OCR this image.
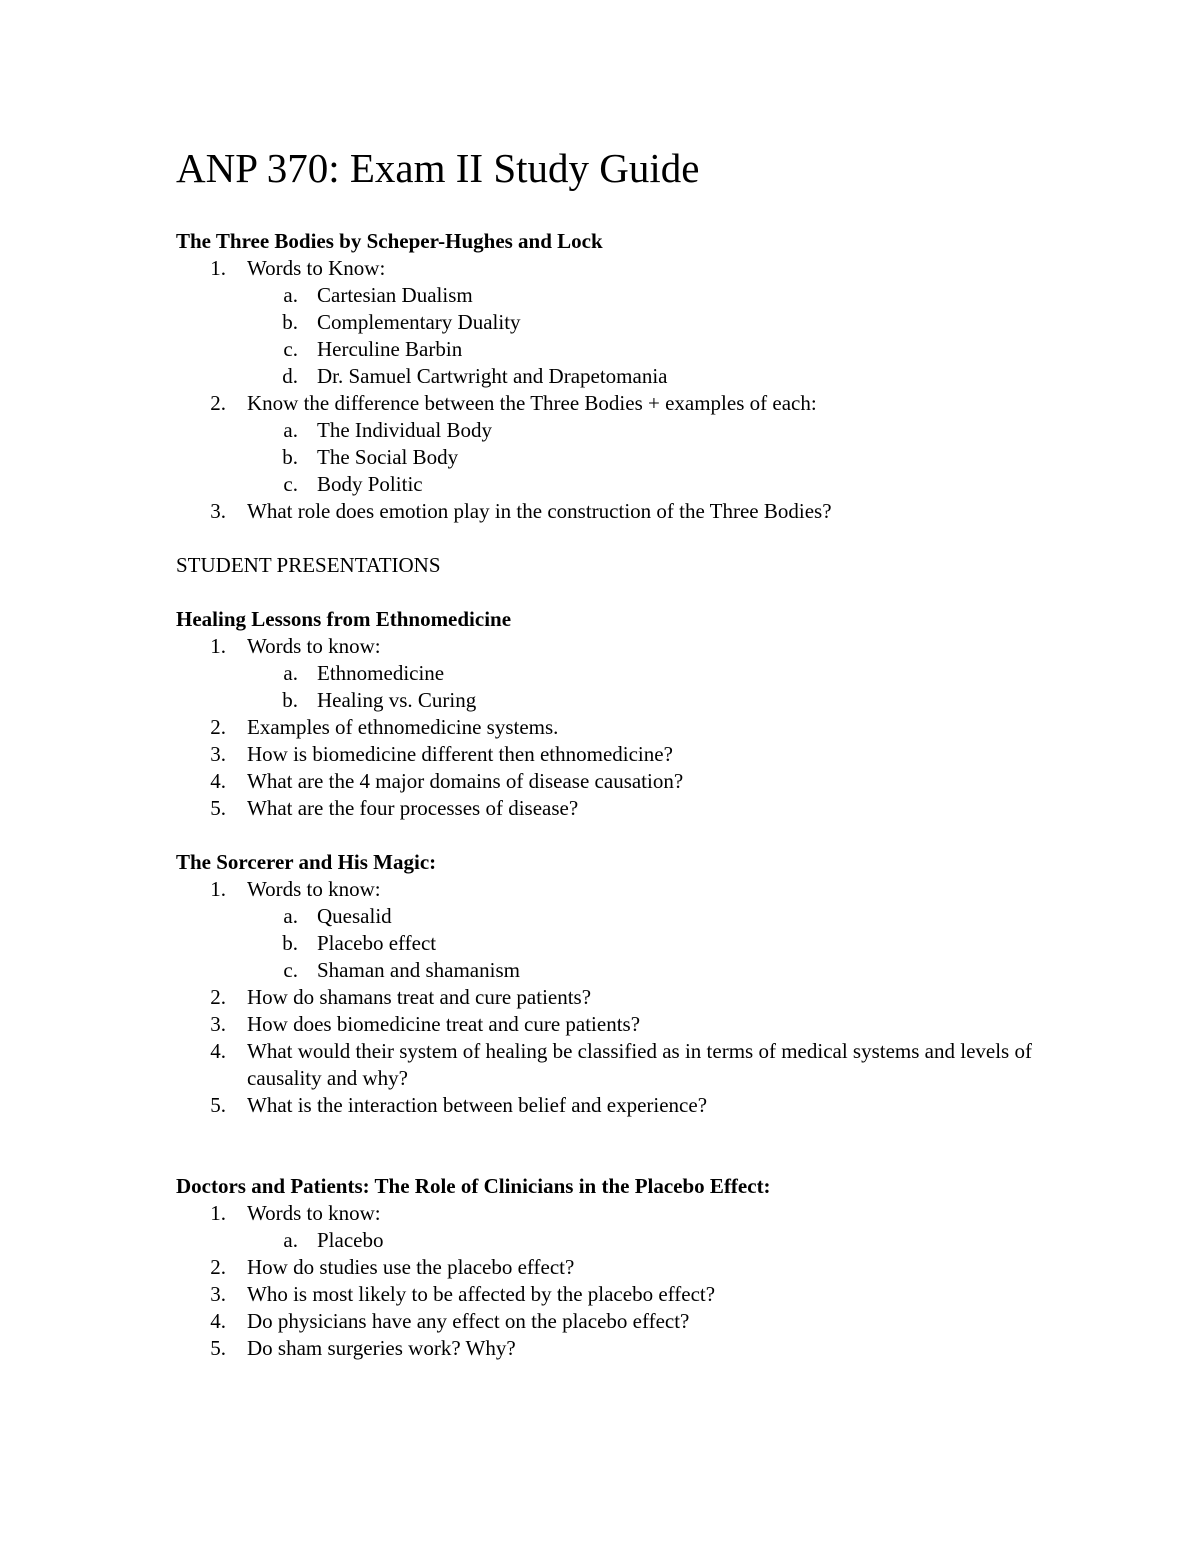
ANP 370: Exam II Study Guide
The Three Bodies by Scheper-Hughes and Lock
1. Words to Know:
a. Cartesian Dualism
b. Complementary Duality
c. Herculine Barbin
d. Dr. Samuel Cartwright and Drapetomania
2. Know the difference between the Three Bodies + examples of each:
a. The Individual Body
b. The Social Body
c. Body Politic
3. What role does emotion play in the construction of the Three Bodies?
STUDENT PRESENTATIONS
Healing Lessons from Ethnomedicine
1. Words to know:
a. Ethnomedicine
b. Healing vs. Curing
2. Examples of ethnomedicine systems.
3. How is biomedicine different then ethnomedicine?
4. What are the 4 major domains of disease causation?
5. What are the four processes of disease?
The Sorcerer and His Magic:
1. Words to know:
a. Quesalid
b. Placebo effect
c. Shaman and shamanism
2. How do shamans treat and cure patients?
3. How does biomedicine treat and cure patients?
4. What would their system of healing be classified as in terms of medical systems and levels of causality and why?
5. What is the interaction between belief and experience?
Doctors and Patients: The Role of Clinicians in the Placebo Effect:
1. Words to know:
a. Placebo
2. How do studies use the placebo effect?
3. Who is most likely to be affected by the placebo effect?
4. Do physicians have any effect on the placebo effect?
5. Do sham surgeries work? Why?
